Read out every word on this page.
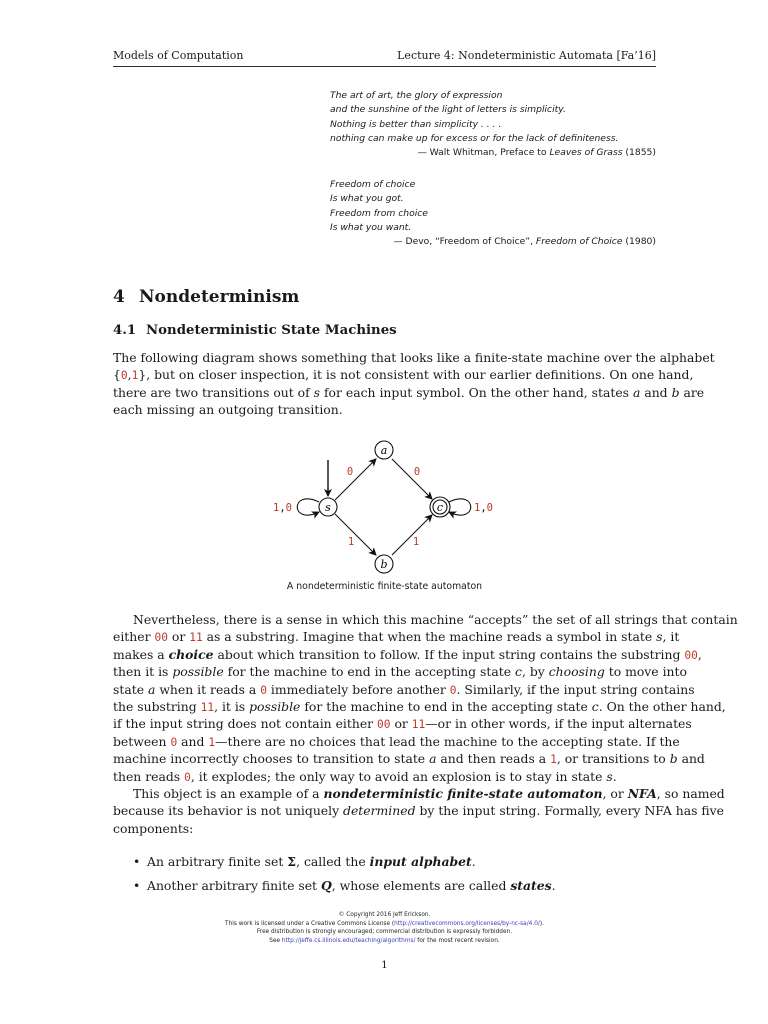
Models of Computation	Lecture 4: Nondeterministic Automata [Fa’16]
The art of art, the glory of expression
and the sunshine of the light of letters is simplicity.
Nothing is better than simplicity . . . .
nothing can make up for excess or for the lack of definiteness.
— Walt Whitman, Preface to Leaves of Grass (1855)
Freedom of choice
Is what you got.
Freedom from choice
Is what you want.
— Devo, “Freedom of Choice”, Freedom of Choice (1980)
4 Nondeterminism
4.1 Nondeterministic State Machines
The following diagram shows something that looks like a finite-state machine over the alphabet
{0,1}, but on closer inspection, it is not consistent with our earlier definitions. On one hand,
there are two transitions out of s for each input symbol. On the other hand, states a and b are
each missing an outgoing transition.
s
a
b
c
0	0
1	1
1,0	1,0
A nondeterministic finite-state automaton
Nevertheless, there is a sense in which this machine “accepts” the set of all strings that contain
either 00 or 11 as a substring. Imagine that when the machine reads a symbol in state s, it
makes a choice about which transition to follow. If the input string contains the substring 00,
then it is possible for the machine to end in the accepting state c, by choosing to move into
state a when it reads a 0 immediately before another 0. Similarly, if the input string contains
the substring 11, it is possible for the machine to end in the accepting state c. On the other hand,
if the input string does not contain either 00 or 11—or in other words, if the input alternates
between 0 and 1—there are no choices that lead the machine to the accepting state. If the
machine incorrectly chooses to transition to state a and then reads a 1, or transitions to b and
then reads 0, it explodes; the only way to avoid an explosion is to stay in state s.
This object is an example of a nondeterministic finite-state automaton, or NFA, so named
because its behavior is not uniquely determined by the input string. Formally, every NFA has five
components:
• An arbitrary finite set Σ, called the input alphabet.
• Another arbitrary finite set Q, whose elements are called states.
© Copyright 2016 Jeff Erickson.
This work is licensed under a Creative Commons License (http://creativecommons.org/licenses/by-nc-sa/4.0/).
Free distribution is strongly encouraged; commercial distribution is expressly forbidden.
See http://jeffe.cs.illinois.edu/teaching/algorithms/ for the most recent revision.
1
